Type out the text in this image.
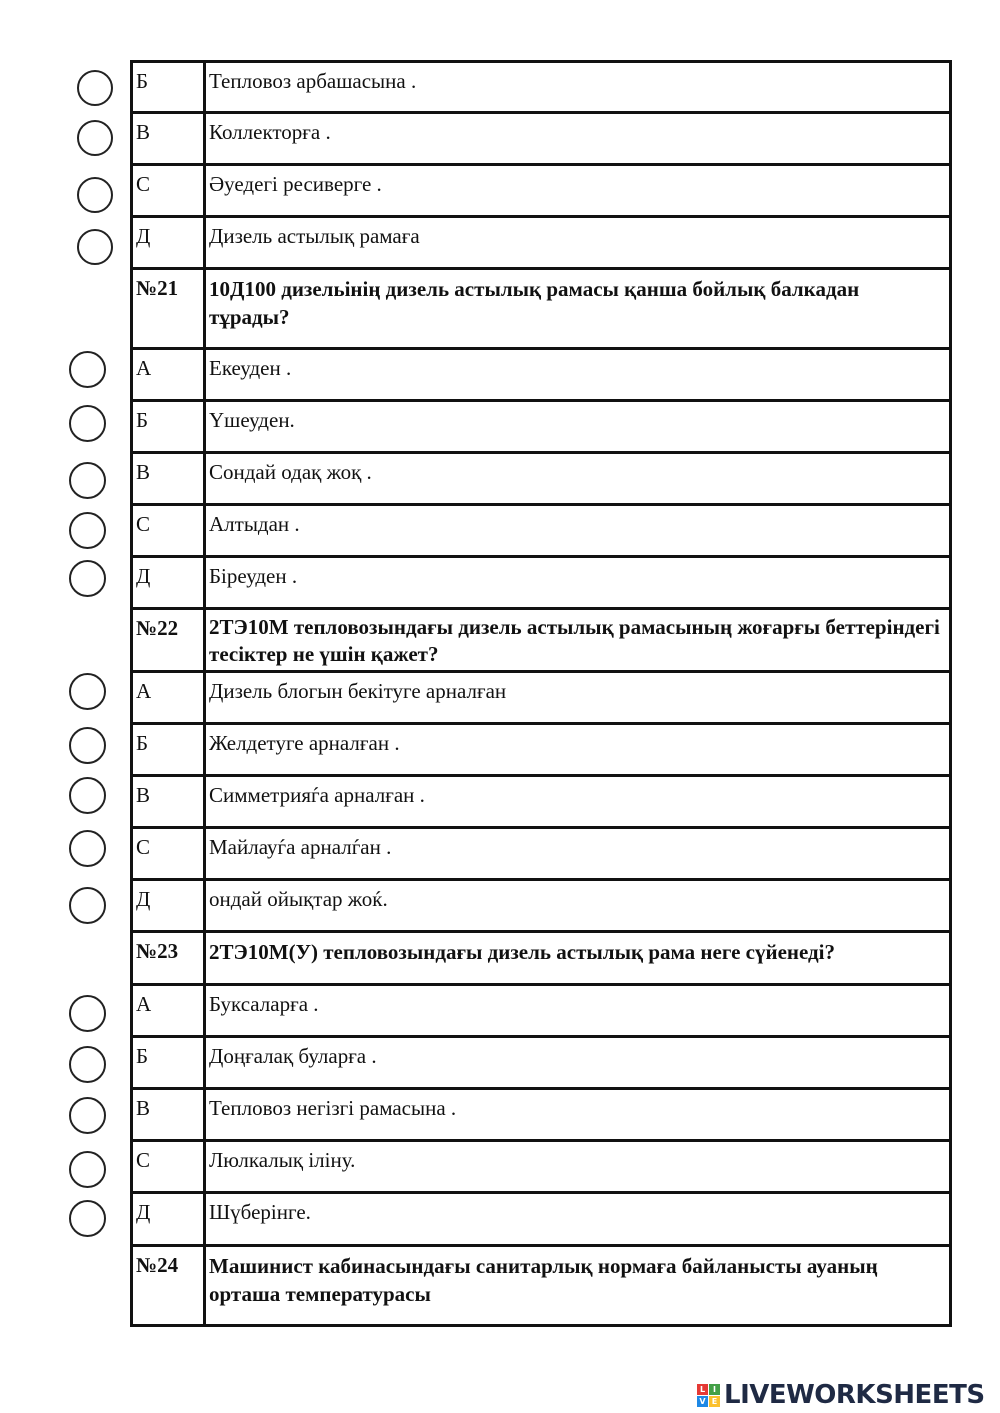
Б	Тепловоз арбашасына .
В	Коллекторға .
С	Әуедегі ресиверге .
Д	Дизель астылық рамаға
№21 10Д100 дизельінің дизель астылық рамасы қанша бойлық балкадан тұрады?
А	Екеуден .
Б	Үшеуден.
В	Сондай одақ жоқ .
С	Алтыдан .
Д	Біреуден .
№22 2ТЭ10М тепловозындағы дизель астылық рамасының жоғарғы беттеріндегі тесіктер не үшін қажет?
А	Дизель блогын бекітуге арналған
Б	Желдетуге арналған .
В	Симметрияѓа арналған .
С	Майлауѓа арналѓан .
Д	ондай ойықтар жоќ.
№23 2ТЭ10М(У) тепловозындағы дизель астылық рама неге сүйенеді?
А	Буксаларға .
Б	Доңғалақ буларға .
В	Тепловоз негізгі рамасына .
С	Люлкалық іліну.
Д	Шүберінге.
№24 Машинист кабинасындағы санитарлық нормаға байланысты ауаның орташа температурасы
L I
V E LIVEWORKSHEETS
